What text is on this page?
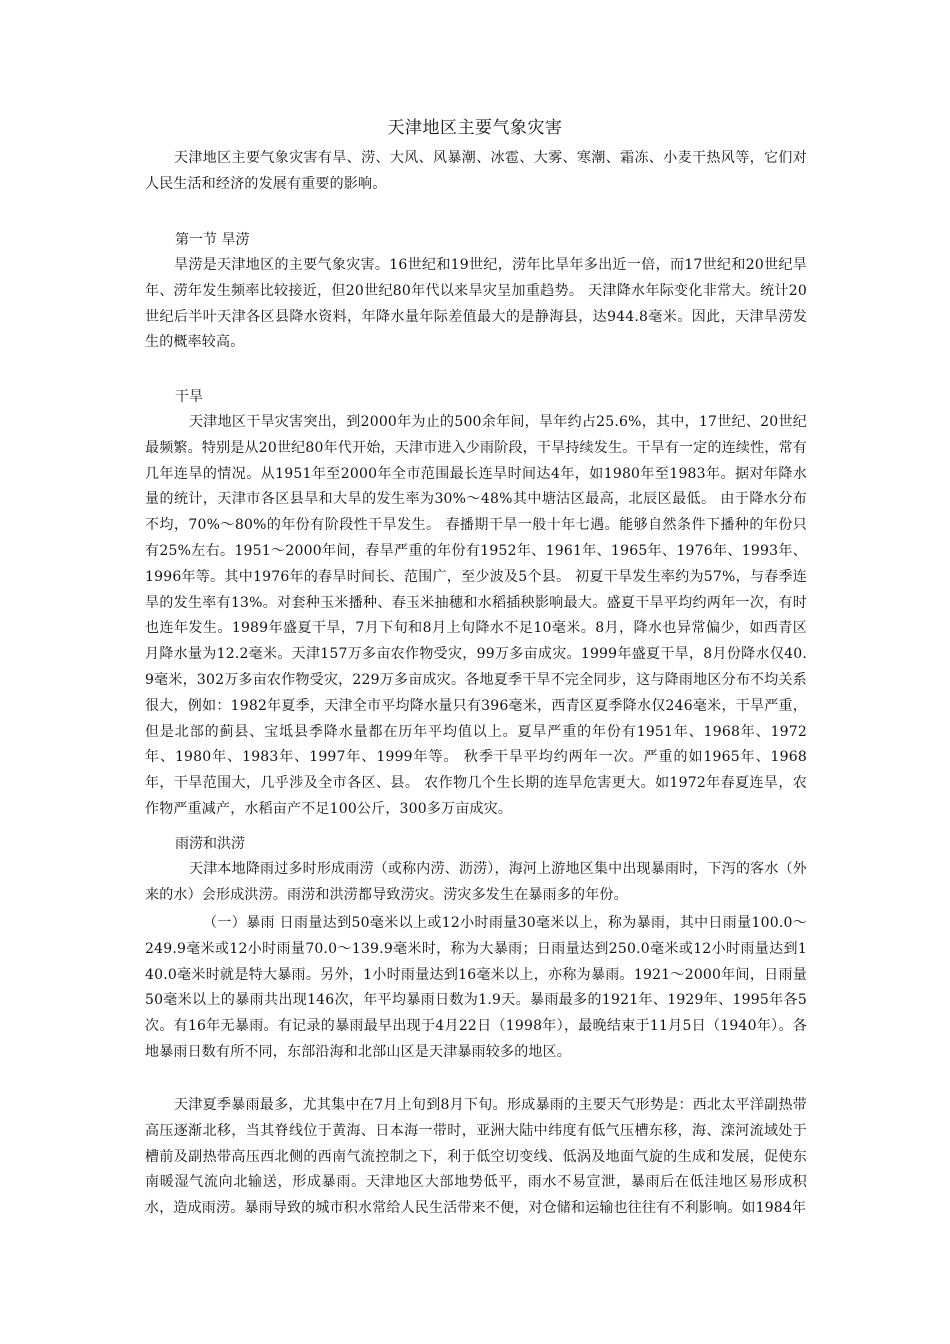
天津地区主要气象灾害
天津地区主要气象灾害有旱、涝、大风、风暴潮、冰雹、大雾、寒潮、霜冻、小麦干热风等，它们对人民生活和经济的发展有重要的影响。
第一节 旱涝
旱涝是天津地区的主要气象灾害。16世纪和19世纪，涝年比旱年多出近一倍，而17世纪和20世纪旱年、涝年发生频率比较接近，但20世纪80年代以来旱灾呈加重趋势。 天津降水年际变化非常大。统计20世纪后半叶天津各区县降水资料，年降水量年际差值最大的是静海县，达944.8毫米。因此，天津旱涝发生的概率较高。
干旱
天津地区干旱灾害突出，到2000年为止的500余年间，旱年约占25.6%，其中，17世纪、20世纪最频繁。特别是从20世纪80年代开始，天津市进入少雨阶段，干旱持续发生。干旱有一定的连续性，常有几年连旱的情况。从1951年至2000年全市范围最长连旱时间达4年，如1980年至1983年。据对年降水量的统计，天津市各区县旱和大旱的发生率为30%～48%其中塘沽区最高，北辰区最低。 由于降水分布不均，70%～80%的年份有阶段性干旱发生。 春播期干旱一般十年七遇。能够自然条件下播种的年份只有25%左右。1951～2000年间，春旱严重的年份有1952年、1961年、1965年、1976年、1993年、1996年等。其中1976年的春旱时间长、范围广，至少波及5个县。 初夏干旱发生率约为57%，与春季连旱的发生率有13%。对套种玉米播种、春玉米抽穗和水稻插秧影响最大。盛夏干旱平均约两年一次，有时也连年发生。1989年盛夏干旱，7月下旬和8月上旬降水不足10毫米。8月，降水也异常偏少，如西青区月降水量为12.2毫米。天津157万多亩农作物受灾，99万多亩成灾。1999年盛夏干旱，8月份降水仅40.9毫米，302万多亩农作物受灾，229万多亩成灾。各地夏季干旱不完全同步，这与降雨地区分布不均关系很大，例如：1982年夏季，天津全市平均降水量只有396毫米，西青区夏季降水仅246毫米，干旱严重，但是北部的蓟县、宝坻县季降水量都在历年平均值以上。夏旱严重的年份有1951年、1968年、1972年、1980年、1983年、1997年、1999年等。 秋季干旱平均约两年一次。严重的如1965年、1968年，干旱范围大，几乎涉及全市各区、县。 农作物几个生长期的连旱危害更大。如1972年春夏连旱，农作物严重减产，水稻亩产不足100公斤，300多万亩成灾。
雨涝和洪涝
天津本地降雨过多时形成雨涝（或称内涝、沥涝），海河上游地区集中出现暴雨时，下泻的客水（外来的水）会形成洪涝。雨涝和洪涝都导致涝灾。涝灾多发生在暴雨多的年份。
（一）暴雨 日雨量达到50毫米以上或12小时雨量30毫米以上，称为暴雨，其中日雨量100.0～249.9毫米或12小时雨量70.0～139.9毫米时，称为大暴雨；日雨量达到250.0毫米或12小时雨量达到140.0毫米时就是特大暴雨。另外，1小时雨量达到16毫米以上，亦称为暴雨。1921～2000年间，日雨量50毫米以上的暴雨共出现146次，年平均暴雨日数为1.9天。暴雨最多的1921年、1929年、1995年各5次。有16年无暴雨。有记录的暴雨最早出现于4月22日（1998年），最晚结束于11月5日（1940年）。各地暴雨日数有所不同，东部沿海和北部山区是天津暴雨较多的地区。
天津夏季暴雨最多，尤其集中在7月上旬到8月下旬。形成暴雨的主要天气形势是：西北太平洋副热带高压逐渐北移，当其脊线位于黄海、日本海一带时，亚洲大陆中纬度有低气压槽东移，海、滦河流域处于槽前及副热带高压西北侧的西南气流控制之下，利于低空切变线、低涡及地面气旋的生成和发展，促使东南暖湿气流向北输送，形成暴雨。天津地区大部地势低平，雨水不易宣泄，暴雨后在低洼地区易形成积水，造成雨涝。暴雨导致的城市积水常给人民生活带来不便，对仓储和运输也往往有不利影响。如1984年
